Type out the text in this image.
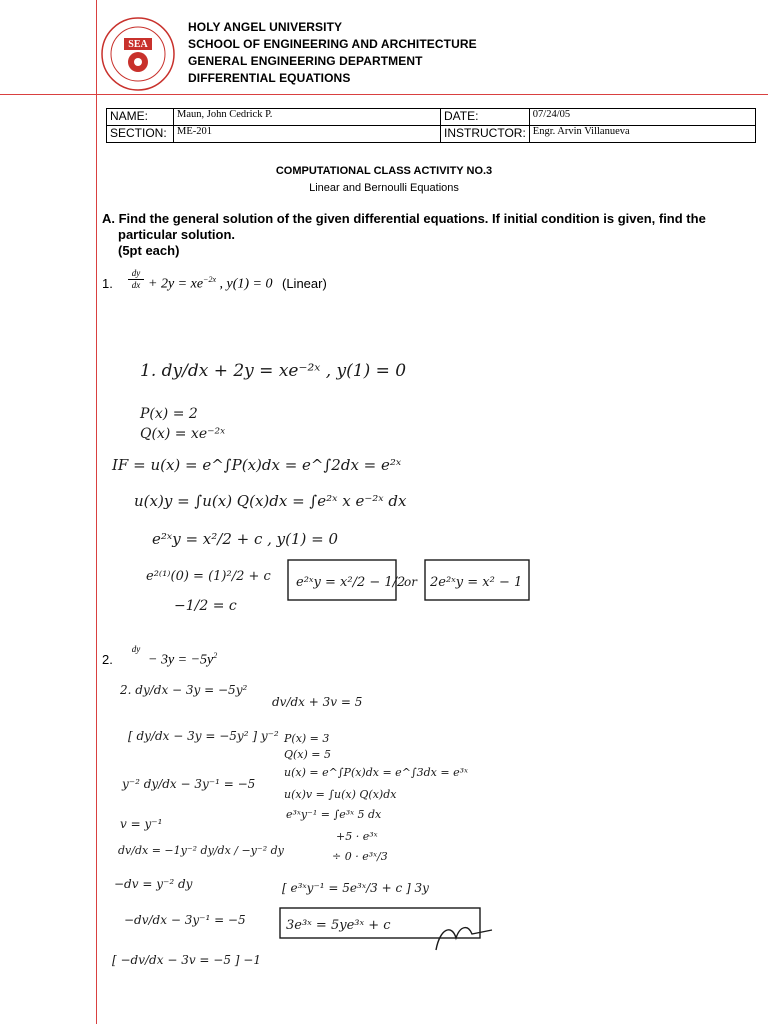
SEA
HOLY ANGEL UNIVERSITY
SCHOOL OF ENGINEERING AND ARCHITECTURE
GENERAL ENGINEERING DEPARTMENT
DIFFERENTIAL EQUATIONS
NAME:	Maun, John Cedrick P.	DATE:	07/24/05
SECTION:	ME-201	INSTRUCTOR:	Engr. Arvin Villanueva
COMPUTATIONAL CLASS ACTIVITY NO.3
Linear and Bernoulli Equations
A. Find the general solution of the given differential equations. If initial condition is given, find the
particular solution.
(5pt each)
1.
dy
dx + $2y = xe^{-2x}$ , y(1) = 0 (Linear)
1. dy/dx + 2y = xe⁻²ˣ , y(1) = 0
P(x) = 2
Q(x) = xe⁻²ˣ
IF = u(x) = e^∫P(x)dx = e^∫2dx = e²ˣ
u(x)y = ∫u(x) Q(x)dx = ∫e²ˣ x e⁻²ˣ dx
e²ˣy = x²/2 + c , y(1) = 0
e²⁽¹⁾(0) = (1)²/2 + c
−1/2 = c
e²ˣy = x²/2 − 1/2
or 2e²ˣy = x² − 1
2.
dy
− $3y = -5y^2$
2. dy/dx − 3y = −5y²
[ dy/dx − 3y = −5y² ] y⁻²
y⁻² dy/dx − 3y⁻¹ = −5
v = y⁻¹
dv/dx = −1y⁻² dy/dx / −y⁻² dy
−dv = y⁻² dy
−dv/dx − 3y⁻¹ = −5
[ −dv/dx − 3v = −5 ] −1
dv/dx + 3v = 5
P(x) = 3
Q(x) = 5
u(x) = e^∫P(x)dx = e^∫3dx = e³ˣ
u(x)v = ∫u(x) Q(x)dx
e³ˣy⁻¹ = ∫e³ˣ 5 dx
+5 · e³ˣ
÷ 0 · e³ˣ/3
[ e³ˣy⁻¹ = 5e³ˣ/3 + c ] 3y
3e³ˣ = 5ye³ˣ + c
